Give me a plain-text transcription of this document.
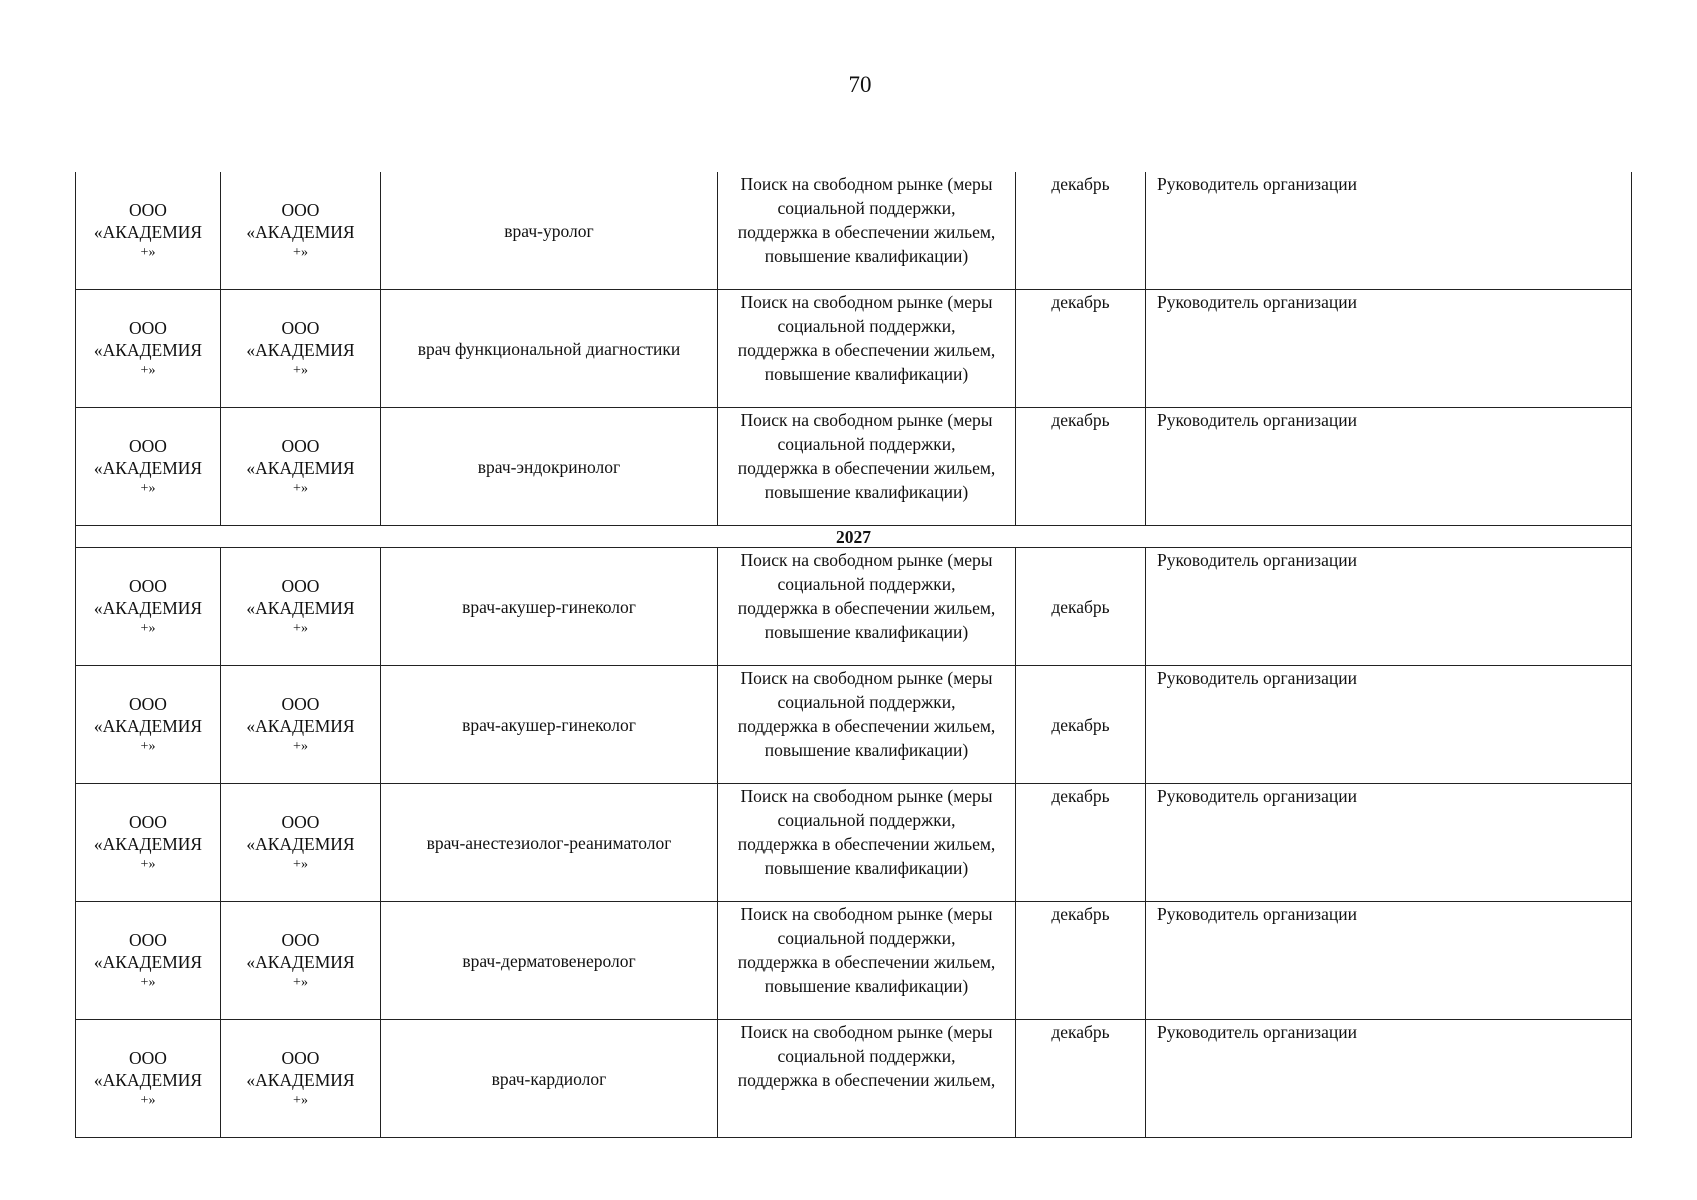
70
ООО
«АКАДЕМИЯ
+»	ООО
«АКАДЕМИЯ
+»	врач-уролог	Поиск на свободном рынке (меры
социальной поддержки,
поддержка в обеспечении жильем,
повышение квалификации)	декабрь	Руководитель организации

ООО
«АКАДЕМИЯ
+»	ООО
«АКАДЕМИЯ
+»	врач функциональной диагностики	Поиск на свободном рынке (меры
социальной поддержки,
поддержка в обеспечении жильем,
повышение квалификации)	декабрь	Руководитель организации

ООО
«АКАДЕМИЯ
+»	ООО
«АКАДЕМИЯ
+»	врач-эндокринолог	Поиск на свободном рынке (меры
социальной поддержки,
поддержка в обеспечении жильем,
повышение квалификации)	декабрь	Руководитель организации
2027					

ООО
«АКАДЕМИЯ
+»	ООО
«АКАДЕМИЯ
+»	врач-акушер-гинеколог	Поиск на свободном рынке (меры
социальной поддержки,
поддержка в обеспечении жильем,
повышение квалификации)	декабрь	Руководитель организации

ООО
«АКАДЕМИЯ
+»	ООО
«АКАДЕМИЯ
+»	врач-акушер-гинеколог	Поиск на свободном рынке (меры
социальной поддержки,
поддержка в обеспечении жильем,
повышение квалификации)	декабрь	Руководитель организации

ООО
«АКАДЕМИЯ
+»	ООО
«АКАДЕМИЯ
+»	врач-анестезиолог-реаниматолог	Поиск на свободном рынке (меры
социальной поддержки,
поддержка в обеспечении жильем,
повышение квалификации)	декабрь	Руководитель организации

ООО
«АКАДЕМИЯ
+»	ООО
«АКАДЕМИЯ
+»	врач-дерматовенеролог	Поиск на свободном рынке (меры
социальной поддержки,
поддержка в обеспечении жильем,
повышение квалификации)	декабрь	Руководитель организации

ООО
«АКАДЕМИЯ
+»	ООО
«АКАДЕМИЯ
+»	врач-кардиолог	Поиск на свободном рынке (меры
социальной поддержки,
поддержка в обеспечении жильем,	декабрь	Руководитель организации
